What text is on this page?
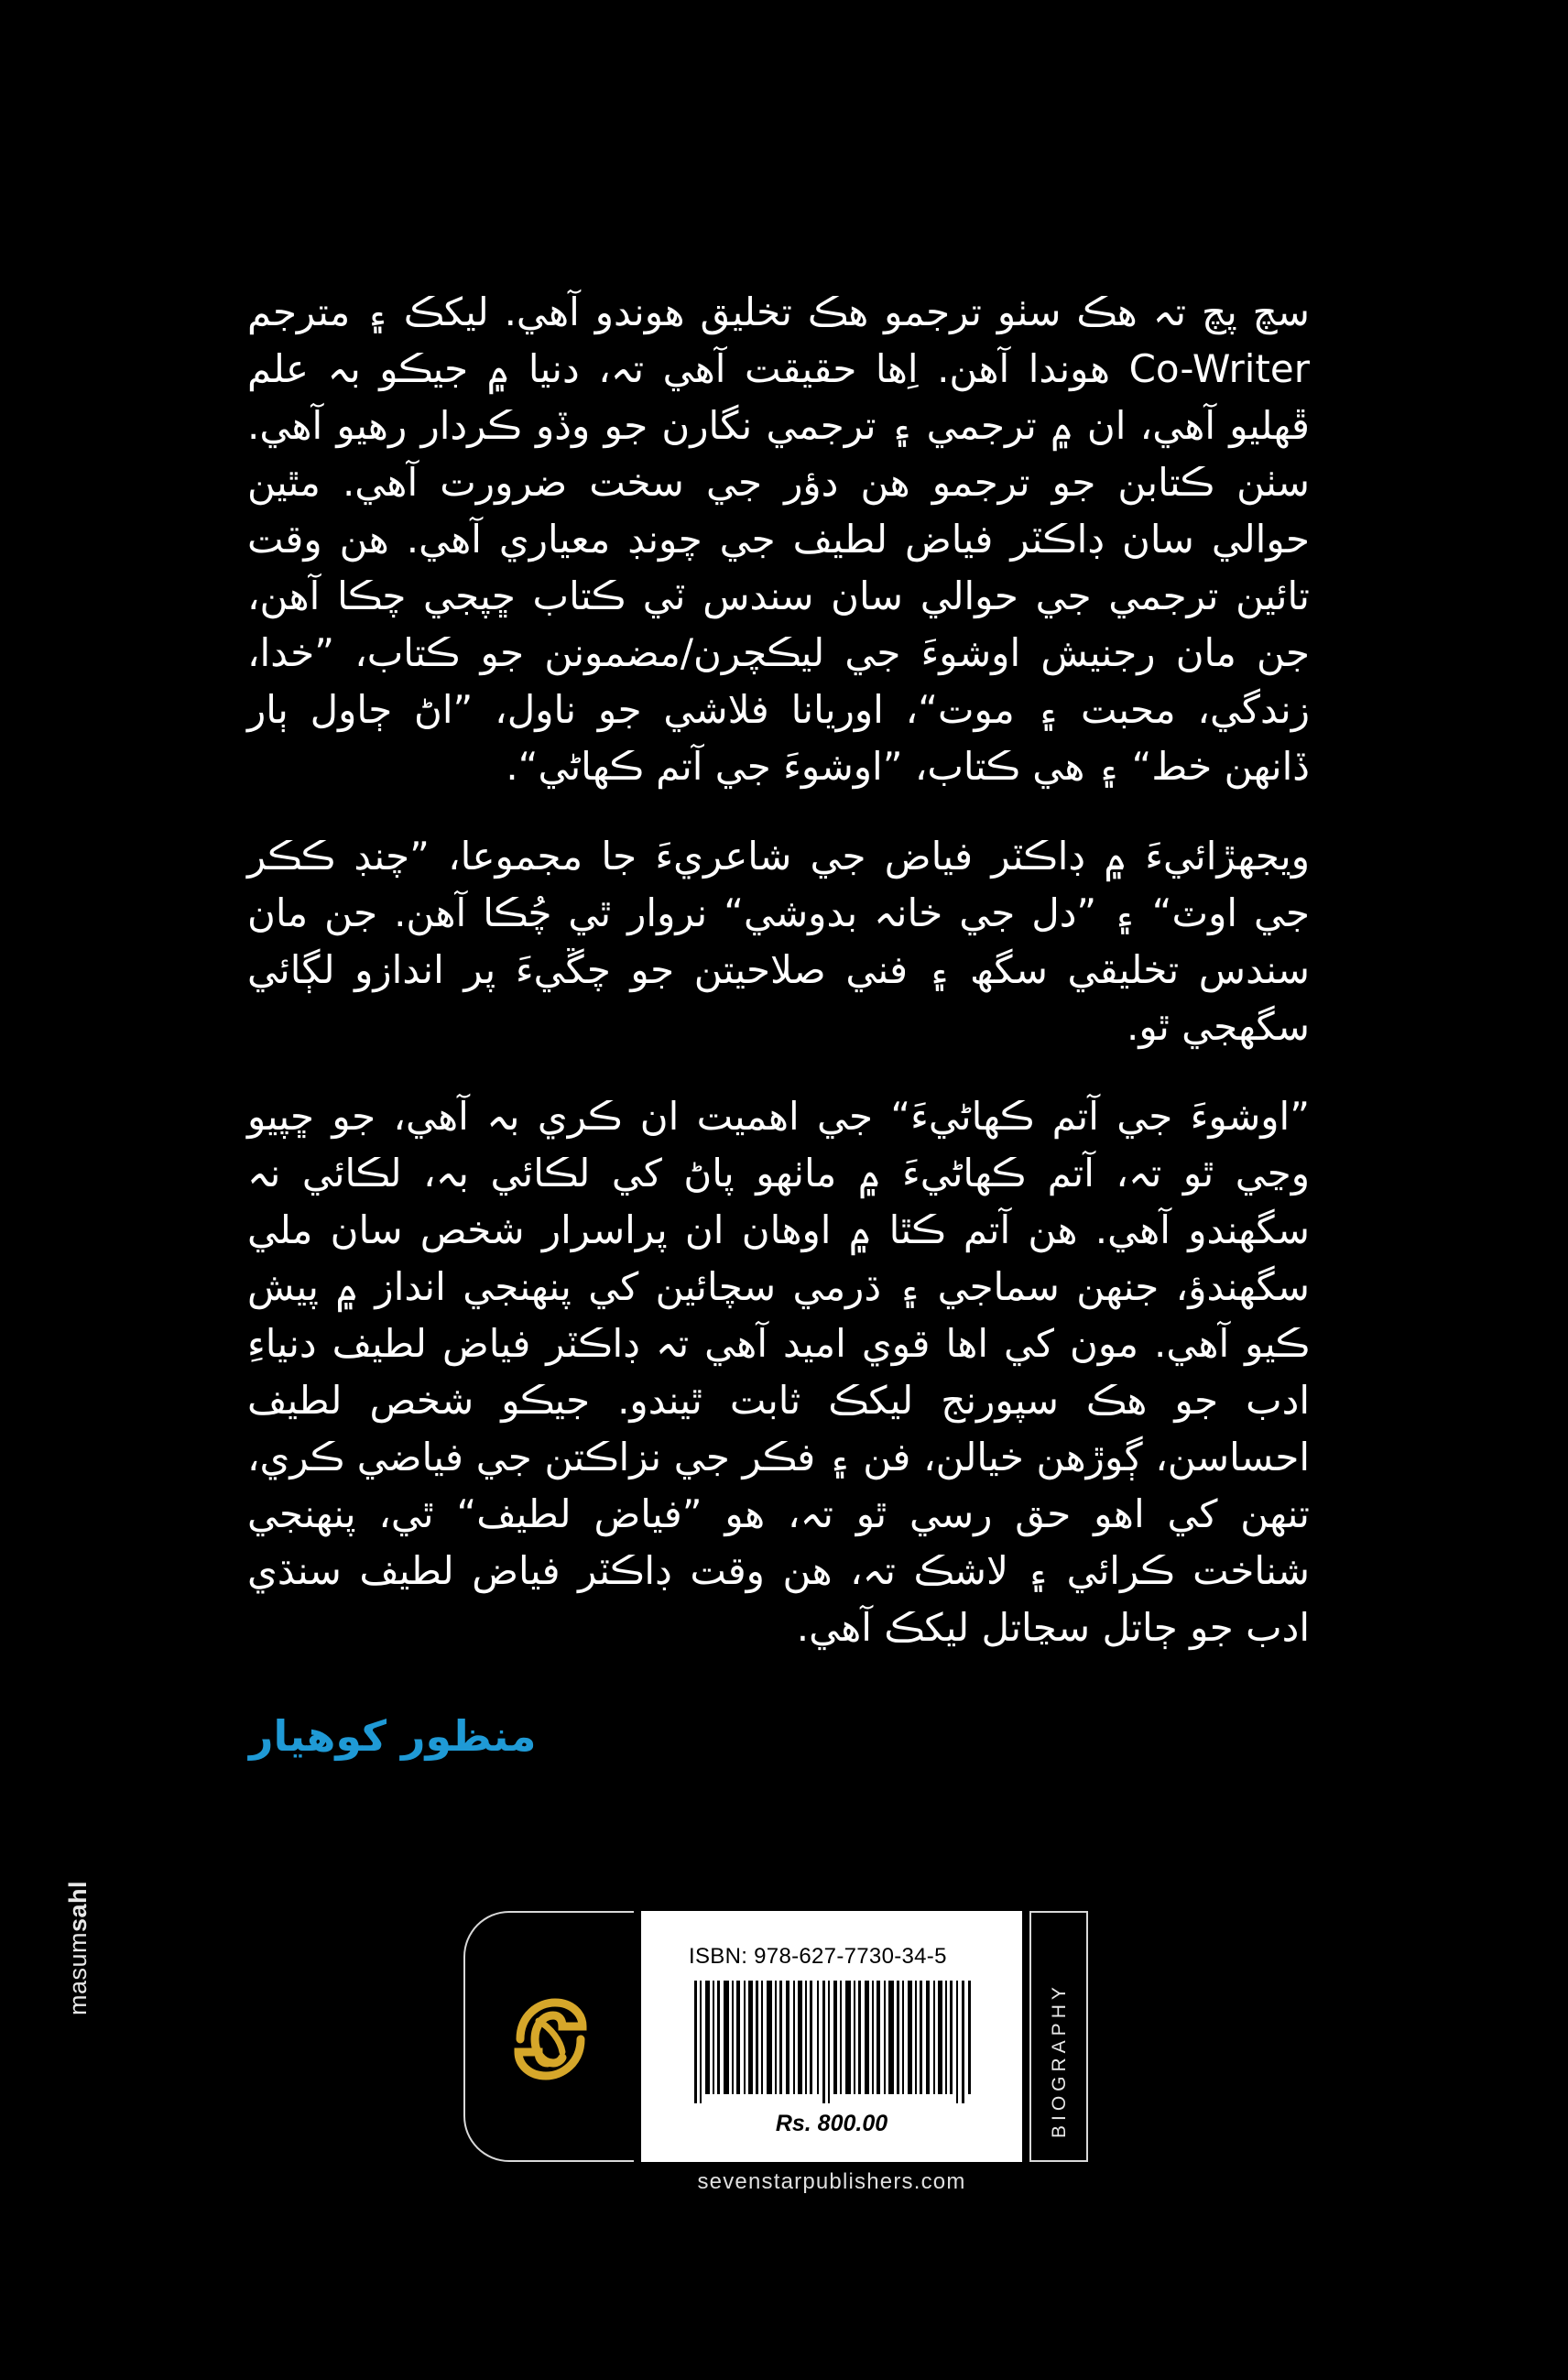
سچ پچ تہ ھڪ سٺو ترجمو ھڪ تخليق ھوندو آھي. ليکڪ ۽ مترجم Co-Writer ھوندا آھن. اِھا حقيقت آھي تہ، دنيا ۾ جيڪو بہ علم ڦھليو آھي، ان ۾ ترجمي ۽ ترجمي نگارن جو وڏو ڪردار رھيو آھي. سٺن ڪتابن جو ترجمو ھن دؤر جي سخت ضرورت آھي. مٿين حوالي سان ڊاڪٽر فياض لطيف جي چونڊ معياري آھي. ھن وقت تائين ترجمي جي حوالي سان سندس ٽي ڪتاب ڇپجي چڪا آھن، جن مان رجنيش اوشوءَ جي ليڪچرن/مضمونن جو ڪتاب، ”خدا، زندگي، محبت ۽ موت“، اوريانا فلاشي جو ناول، ”اڻ ڄاول ٻار ڏانھن خط“ ۽ ھي ڪتاب، ”اوشوءَ جي آتم ڪھاڻي“.

ويجھڙائيءَ ۾ ڊاڪٽر فياض جي شاعريءَ جا مجموعا، ”چنڊ ڪڪر جي اوٽ“ ۽ ”دل جي خانہ بدوشي“ نروار ٿي چُڪا آھن. جن مان سندس تخليقي سگھ ۽ فني صلاحيتن جو چڱيءَ پر اندازو لڳائي سگھجي ٿو.

”اوشوءَ جي آتم ڪھاڻيءَ“ جي اھميت ان ڪري بہ آھي، جو ڇپيو وڃي ٿو تہ، آتم ڪھاڻيءَ ۾ ماٺھو پاڻ کي لڪائي بہ، لڪائي نہ سگھندو آھي. ھن آتم ڪٿا ۾ اوھان ان پراسرار شخص سان ملي سگھندؤ، جنھن سماجي ۽ ڌرمي سچائين کي پنھنجي انداز ۾ پيش ڪيو آھي. مون کي اھا قوي اميد آھي تہ ڊاڪٽر فياض لطيف دنياءِ ادب جو ھڪ سپورنج ليکڪ ثابت ٿيندو. جيڪو شخص لطيف احساسن، ڳوڙھن خيالن، فن ۽ فڪر جي نزاڪتن جي فياضي ڪري، تنھن کي اھو حق رسي ٿو تہ، ھو ”فياض لطيف“ ٿي، پنھنجي شناخت ڪرائي ۽ لاشڪ تہ، ھن وقت ڊاڪٽر فياض لطيف سنڌي ادب جو ڄاتل سڃاتل ليکڪ آھي.

منظور کوھيار
masumsahl
ISBN: 978-627-7730-34-5
Rs. 800.00	BIOGRAPHY
sevenstarpublishers.com
